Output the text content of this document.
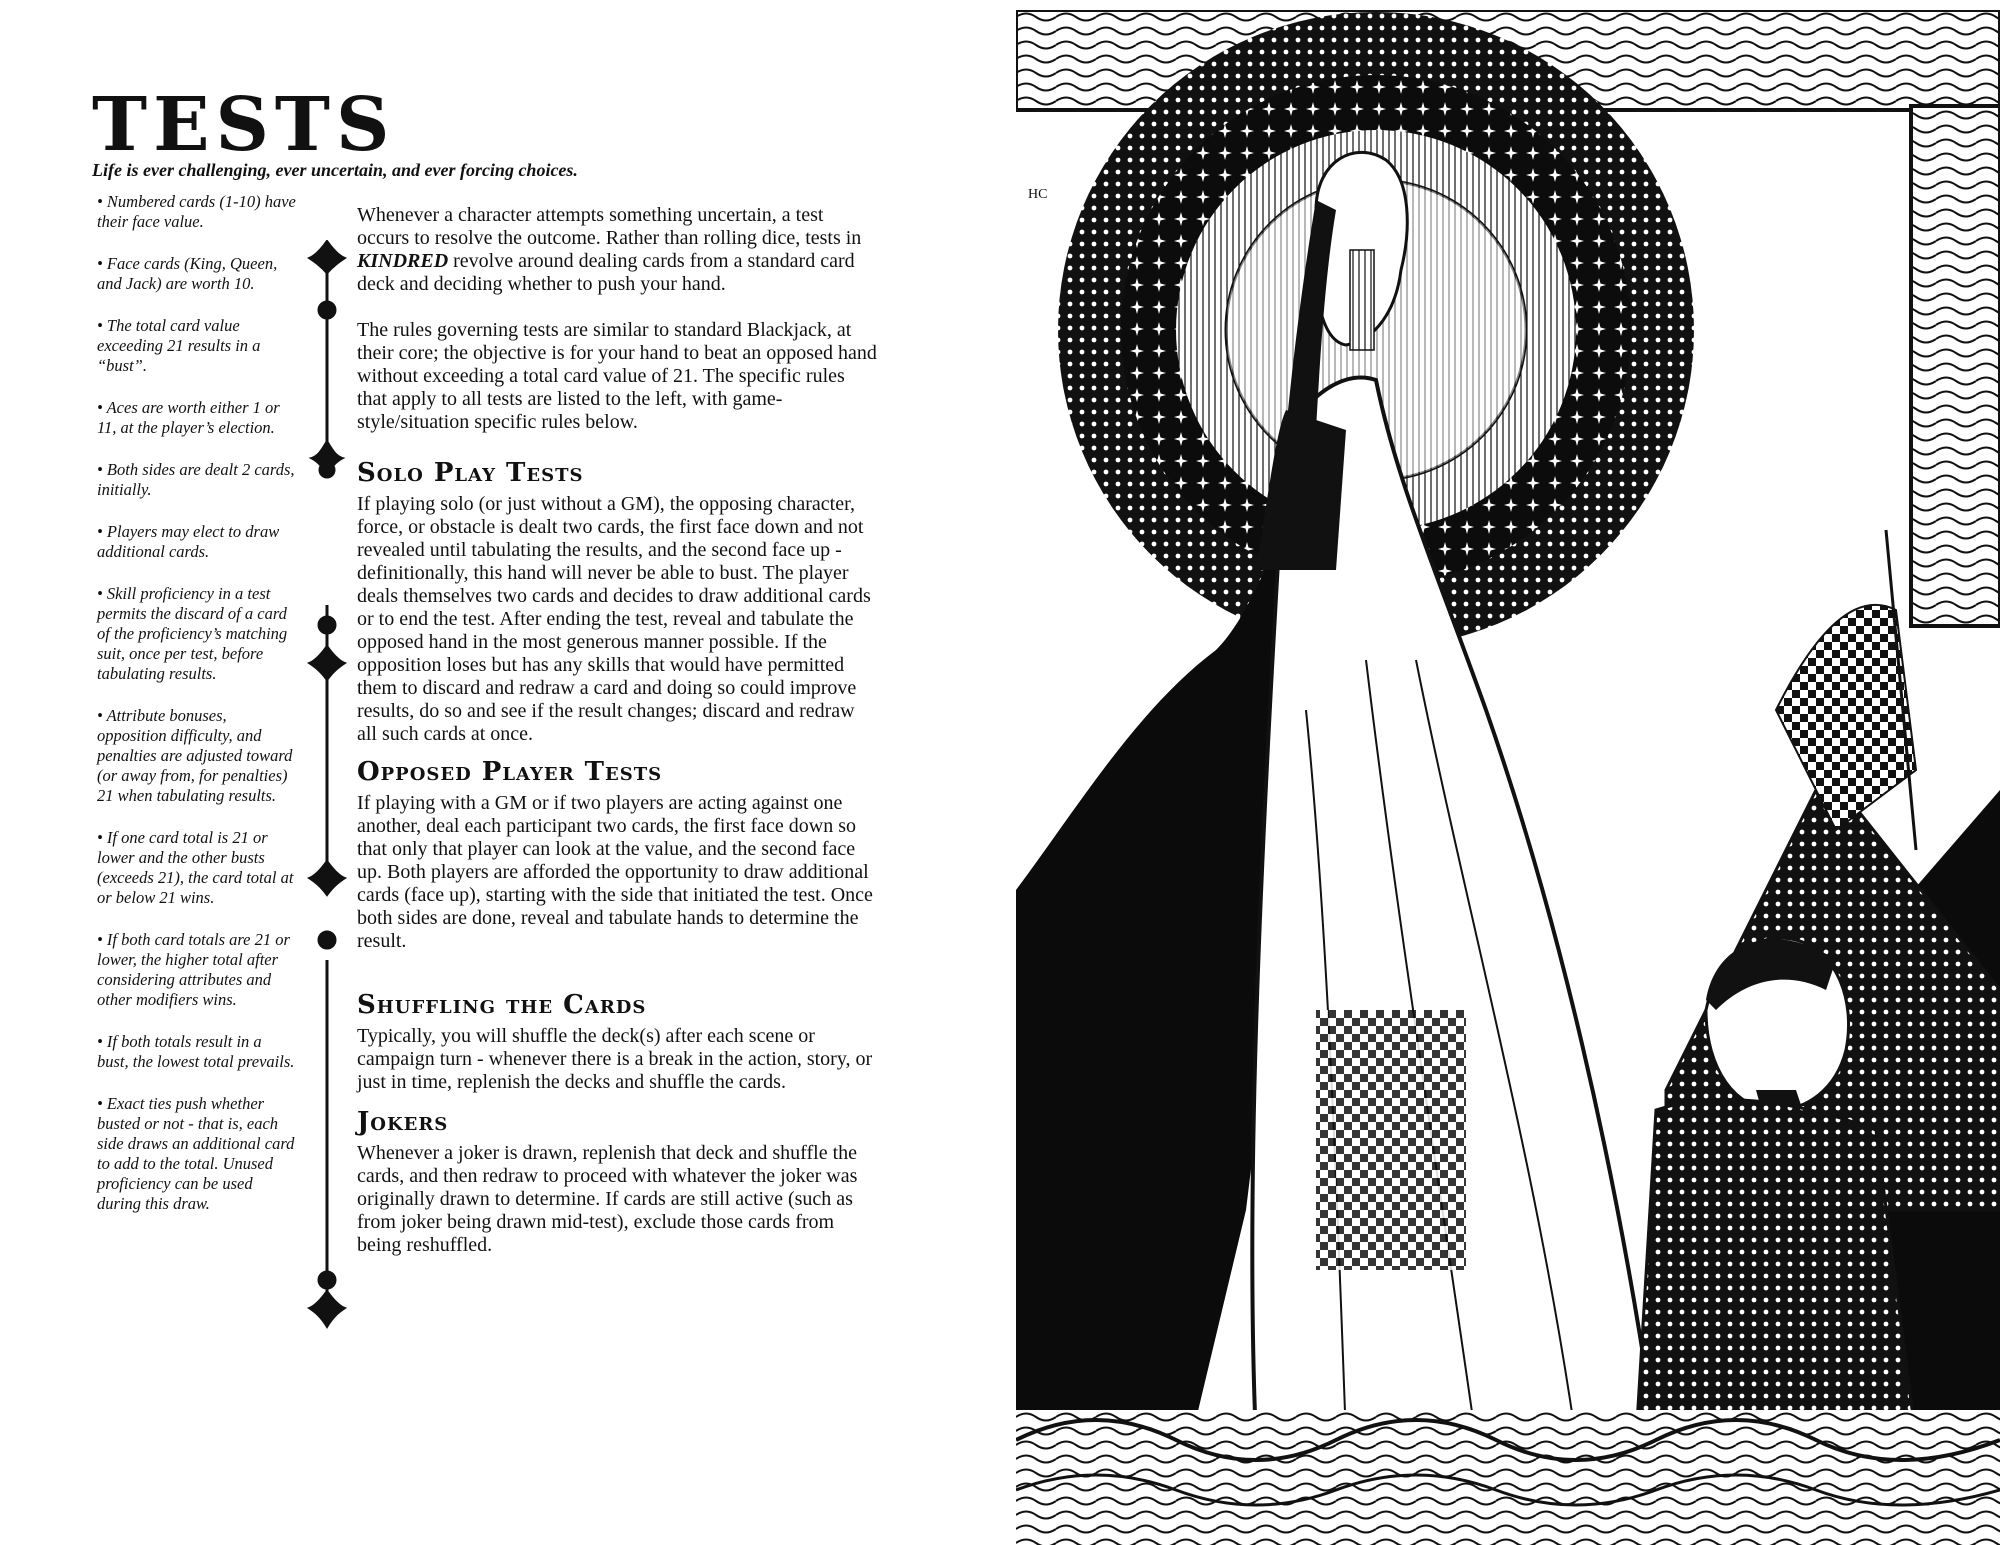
TESTS

Life is ever challenging, ever uncertain, and ever forcing choices.

• Numbered cards (1-10) have their face value.

• Face cards (King, Queen, and Jack) are worth 10.

• The total card value exceeding 21 results in a “bust”.

• Aces are worth either 1 or 11, at the player’s election.

• Both sides are dealt 2 cards, initially.

• Players may elect to draw additional cards.

• Skill proficiency in a test permits the discard of a card of the proficiency’s matching suit, once per test, before tabulating results.

• Attribute bonuses, opposition difficulty, and penalties are adjusted toward (or away from, for penalties) 21 when tabulating results.

• If one card total is 21 or lower and the other busts (exceeds 21), the card total at or below 21 wins.

• If both card totals are 21 or lower, the higher total after considering attributes and other modifiers wins.

• If both totals result in a bust, the lowest total prevails.

• Exact ties push whether busted or not - that is, each side draws an additional card to add to the total. Unused proficiency can be used during this draw.

Whenever a character attempts something uncertain, a test occurs to resolve the outcome. Rather than rolling dice, tests in KINDRED revolve around dealing cards from a standard card deck and deciding whether to push your hand.

The rules governing tests are similar to standard Blackjack, at their core; the objective is for your hand to beat an opposed hand without exceeding a total card value of 21. The specific rules that apply to all tests are listed to the left, with game-style/situation specific rules below.

Solo Play Tests

If playing solo (or just without a GM), the opposing character, force, or obstacle is dealt two cards, the first face down and not revealed until tabulating the results, and the second face up - definitionally, this hand will never be able to bust. The player deals themselves two cards and decides to draw additional cards or to end the test. After ending the test, reveal and tabulate the opposed hand in the most generous manner possible. If the opposition loses but has any skills that would have permitted them to discard and redraw a card and doing so could improve results, do so and see if the result changes; discard and redraw all such cards at once.

Opposed Player Tests

If playing with a GM or if two players are acting against one another, deal each participant two cards, the first face down so that only that player can look at the value, and the second face up. Both players are afforded the opportunity to draw additional cards (face up), starting with the side that initiated the test. Once both sides are done, reveal and tabulate hands to determine the result.

Shuffling the Cards

Typically, you will shuffle the deck(s) after each scene or campaign turn - whenever there is a break in the action, story, or just in time, replenish the decks and shuffle the cards.

Jokers

Whenever a joker is drawn, replenish that deck and shuffle the cards, and then redraw to proceed with whatever the joker was originally drawn to determine. If cards are still active (such as from joker being drawn mid-test), exclude those cards from being reshuffled.

HC
